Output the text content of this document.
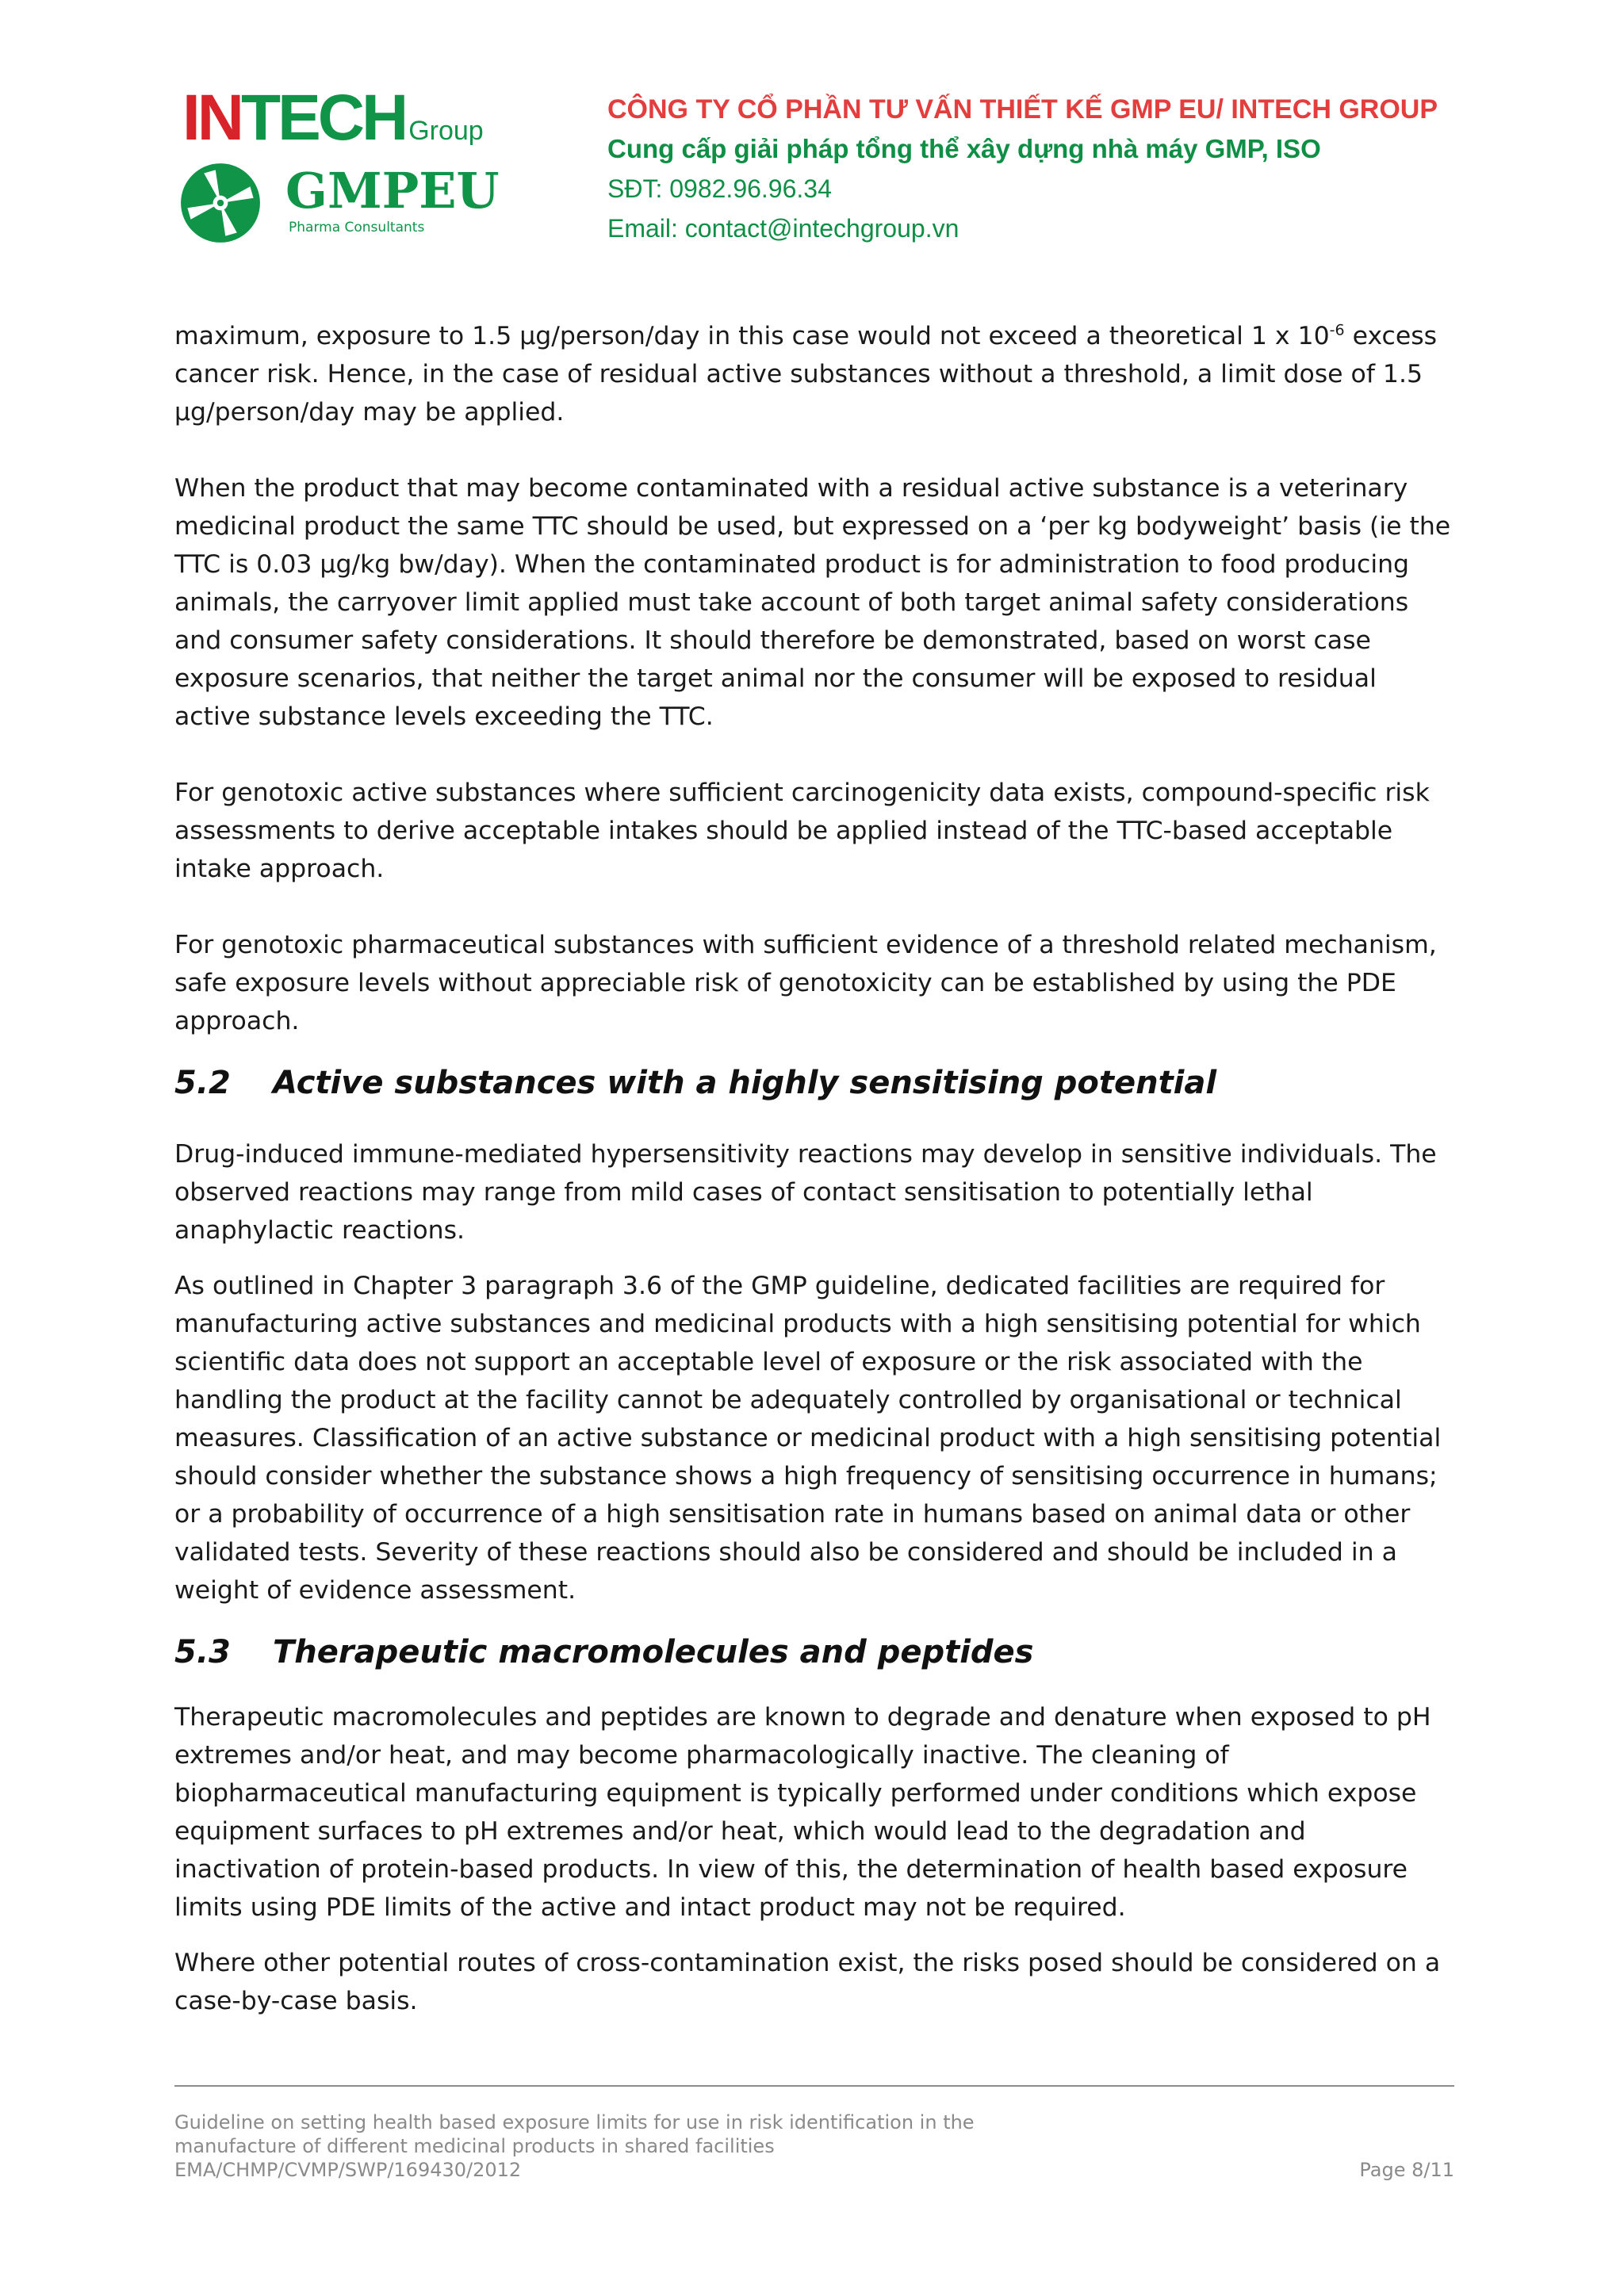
INTECH Group
GMPEU
Pharma Consultants
CÔNG TY CỔ PHẦN TƯ VẤN THIẾT KẾ GMP EU/ INTECH GROUP
Cung cấp giải pháp tổng thể xây dựng nhà máy GMP, ISO
SĐT: 0982.96.96.34
Email: contact@intechgroup.vn

maximum, exposure to 1.5 µg/person/day in this case would not exceed a theoretical 1 x $10^{-6}$ excess cancer risk. Hence, in the case of residual active substances without a threshold, a limit dose of 1.5 µg/person/day may be applied.

When the product that may become contaminated with a residual active substance is a veterinary medicinal product the same TTC should be used, but expressed on a ‘per kg bodyweight’ basis (ie the TTC is 0.03 µg/kg bw/day). When the contaminated product is for administration to food producing animals, the carryover limit applied must take account of both target animal safety considerations and consumer safety considerations. It should therefore be demonstrated, based on worst case exposure scenarios, that neither the target animal nor the consumer will be exposed to residual active substance levels exceeding the TTC.

For genotoxic active substances where sufficient carcinogenicity data exists, compound-specific risk assessments to derive acceptable intakes should be applied instead of the TTC-based acceptable intake approach.

For genotoxic pharmaceutical substances with sufficient evidence of a threshold related mechanism, safe exposure levels without appreciable risk of genotoxicity can be established by using the PDE approach.

5.2 Active substances with a highly sensitising potential

Drug-induced immune-mediated hypersensitivity reactions may develop in sensitive individuals. The observed reactions may range from mild cases of contact sensitisation to potentially lethal anaphylactic reactions.

As outlined in Chapter 3 paragraph 3.6 of the GMP guideline, dedicated facilities are required for manufacturing active substances and medicinal products with a high sensitising potential for which scientific data does not support an acceptable level of exposure or the risk associated with the handling the product at the facility cannot be adequately controlled by organisational or technical measures. Classification of an active substance or medicinal product with a high sensitising potential should consider whether the substance shows a high frequency of sensitising occurrence in humans; or a probability of occurrence of a high sensitisation rate in humans based on animal data or other validated tests. Severity of these reactions should also be considered and should be included in a weight of evidence assessment.

5.3 Therapeutic macromolecules and peptides

Therapeutic macromolecules and peptides are known to degrade and denature when exposed to pH extremes and/or heat, and may become pharmacologically inactive. The cleaning of biopharmaceutical manufacturing equipment is typically performed under conditions which expose equipment surfaces to pH extremes and/or heat, which would lead to the degradation and inactivation of protein-based products. In view of this, the determination of health based exposure limits using PDE limits of the active and intact product may not be required.

Where other potential routes of cross-contamination exist, the risks posed should be considered on a case-by-case basis.

Guideline on setting health based exposure limits for use in risk identification in the
manufacture of different medicinal products in shared facilities
EMA/CHMP/CVMP/SWP/169430/2012	Page 8/11
